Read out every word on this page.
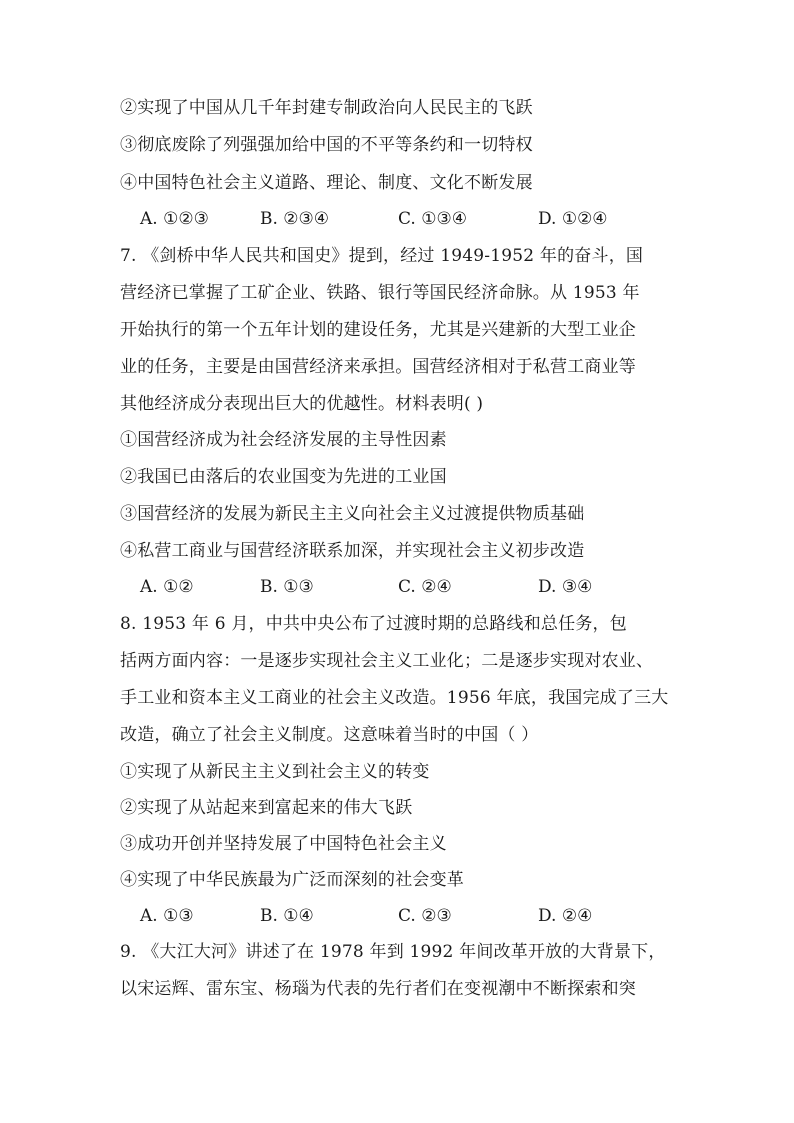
②实现了中国从几千年封建专制政治向人民民主的飞跃
③彻底废除了列强强加给中国的不平等条约和一切特权
④中国特色社会主义道路、理论、制度、文化不断发展
A. ①②③	B. ②③④	C. ①③④	D. ①②④
7. 《剑桥中华人民共和国史》提到，经过 1949-1952 年的奋斗，国
营经济已掌握了工矿企业、铁路、银行等国民经济命脉。从 1953 年
开始执行的第一个五年计划的建设任务，尤其是兴建新的大型工业企
业的任务，主要是由国营经济来承担。国营经济相对于私营工商业等
其他经济成分表现出巨大的优越性。材料表明( )
①国营经济成为社会经济发展的主导性因素
②我国已由落后的农业国变为先进的工业国
③国营经济的发展为新民主主义向社会主义过渡提供物质基础
④私营工商业与国营经济联系加深，并实现社会主义初步改造
A. ①②	B. ①③	C. ②④	D. ③④
8. 1953 年 6 月，中共中央公布了过渡时期的总路线和总任务，包
括两方面内容：一是逐步实现社会主义工业化；二是逐步实现对农业、
手工业和资本主义工商业的社会主义改造。1956 年底，我国完成了三大
改造，确立了社会主义制度。这意味着当时的中国（ ）
①实现了从新民主主义到社会主义的转变
②实现了从站起来到富起来的伟大飞跃
③成功开创并坚持发展了中国特色社会主义
④实现了中华民族最为广泛而深刻的社会变革
A. ①③	B. ①④	C. ②③	D. ②④
9. 《大江大河》讲述了在 1978 年到 1992 年间改革开放的大背景下，
以宋运辉、雷东宝、杨瑙为代表的先行者们在变视潮中不断探索和突
